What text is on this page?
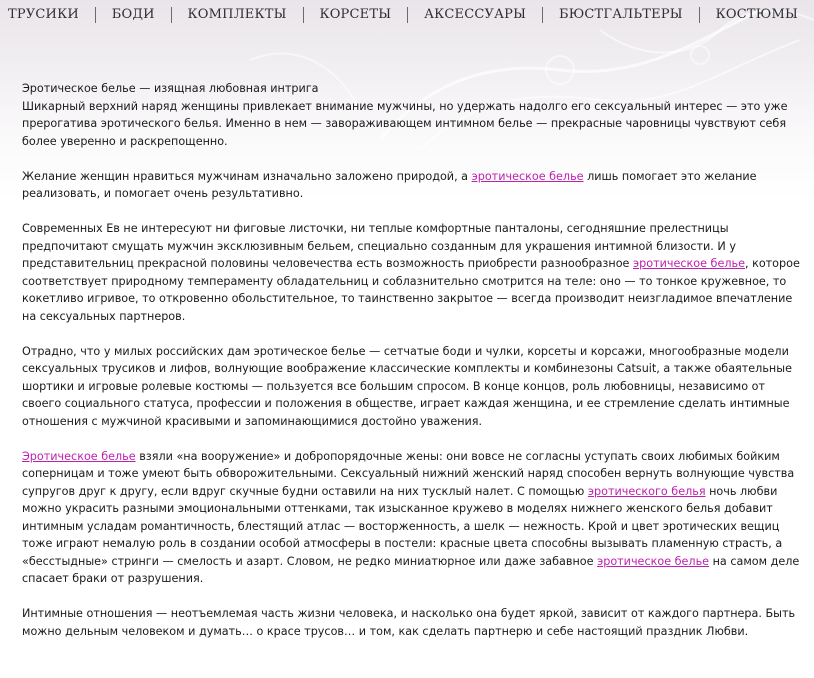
ТРУСИКИ	БОДИ	КОМПЛЕКТЫ	КОРСЕТЫ	АКСЕССУАРЫ	БЮСТГАЛЬТЕРЫ	КОСТЮМЫ

Эротическое белье — изящная любовная интрига
Шикарный верхний наряд женщины привлекает внимание мужчины, но удержать надолго его сексуальный интерес — это уже прерогатива эротического белья. Именно в нем — завораживающем интимном белье — прекрасные чаровницы чувствуют себя более уверенно и раскрепощенно.

Желание женщин нравиться мужчинам изначально заложено природой, а эротическое белье лишь помогает это желание реализовать, и помогает очень результативно.

Современных Ев не интересуют ни фиговые листочки, ни теплые комфортные панталоны, сегодняшние прелестницы предпочитают смущать мужчин эксклюзивным бельем, специально созданным для украшения интимной близости. И у представительниц прекрасной половины человечества есть возможность приобрести разнообразное эротическое белье, которое соответствует природному темпераменту обладательниц и соблазнительно смотрится на теле: оно — то тонкое кружевное, то кокетливо игривое, то откровенно обольстительное, то таинственно закрытое — всегда производит неизгладимое впечатление на сексуальных партнеров.

Отрадно, что у милых российских дам эротическое белье — сетчатые боди и чулки, корсеты и корсажи, многообразные модели сексуальных трусиков и лифов, волнующие воображение классические комплекты и комбинезоны Catsuit, а также обаятельные шортики и игровые ролевые костюмы — пользуется все большим спросом. В конце концов, роль любовницы, независимо от своего социального статуса, профессии и положения в обществе, играет каждая женщина, и ее стремление сделать интимные отношения с мужчиной красивыми и запоминающимися достойно уважения.

Эротическое белье взяли «на вооружение» и добропорядочные жены: они вовсе не согласны уступать своих любимых бойким соперницам и тоже умеют быть обворожительными. Сексуальный нижний женский наряд способен вернуть волнующие чувства супругов друг к другу, если вдруг скучные будни оставили на них тусклый налет. С помощью эротического белья ночь любви можно украсить разными эмоциональными оттенками, так изысканное кружево в моделях нижнего женского белья добавит интимным усладам романтичность, блестящий атлас — восторженность, а шелк — нежность. Крой и цвет эротических вещиц тоже играют немалую роль в создании особой атмосферы в постели: красные цвета способны вызывать пламенную страсть, а «бесстыдные» стринги — смелость и азарт. Словом, не редко миниатюрное или даже забавное эротическое белье на самом деле спасает браки от разрушения.

Интимные отношения — неотъемлемая часть жизни человека, и насколько она будет яркой, зависит от каждого партнера. Быть можно дельным человеком и думать… о красе трусов… и том, как сделать партнерю и себе настоящий праздник Любви.
